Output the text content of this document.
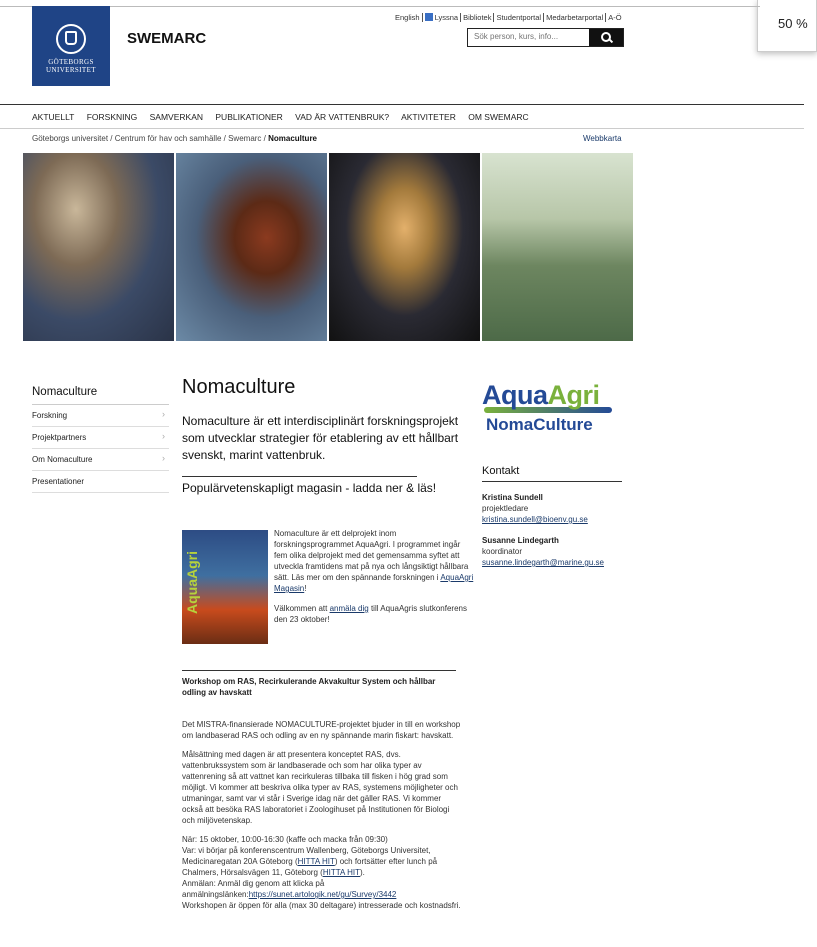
50 %
GÖTEBORGS
UNIVERSITET
SWEMARC
English Lyssna Bibliotek Studentportal Medarbetarportal A-Ö
Sök person, kurs, info...
AKTUELLT FORSKNING SAMVERKAN PUBLIKATIONER VAD ÄR VATTENBRUK? AKTIVITETER OM SWEMARC
Göteborgs universitet / Centrum för hav och samhälle / Swemarc / Nomaculture	Webbkarta
Nomaculture
Forskning	›
Projektpartners	›
Om Nomaculture	›
Presentationer
Nomaculture

Nomaculture är ett interdisciplinärt forskningsprojekt som utvecklar strategier för etablering av ett hållbart svenskt, marint vattenbruk.

Populärvetenskapligt magasin - ladda ner & läs!

AquaAgri

Nomaculture är ett delprojekt inom forskningsprogrammet AquaAgri. I programmet ingår fem olika delprojekt med det gemensamma syftet att utveckla framtidens mat på nya och långsiktigt hållbara sätt. Läs mer om den spännande forskningen i AquaAgri Magasin!

Välkommen att anmäla dig till AquaAgris slutkonferens den 23 oktober!

Workshop om RAS, Recirkulerande Akvakultur System och hållbar odling av havskatt

Det MISTRA-finansierade NOMACULTURE-projektet bjuder in till en workshop om landbaserad RAS och odling av en ny spännande marin fiskart: havskatt.

Målsättning med dagen är att presentera konceptet RAS, dvs. vattenbrukssystem som är landbaserade och som har olika typer av vattenrening så att vattnet kan recirkuleras tillbaka till fisken i hög grad som möjligt. Vi kommer att beskriva olika typer av RAS, systemens möjligheter och utmaningar, samt var vi står i Sverige idag när det gäller RAS. Vi kommer också att besöka RAS laboratoriet i Zoologihuset på Institutionen för Biologi och miljövetenskap.

När: 15 oktober, 10:00-16:30 (kaffe och macka från 09:30)
Var: vi börjar på konferenscentrum Wallenberg, Göteborgs Universitet, Medicinaregatan 20A Göteborg (HITTA HIT) och fortsätter efter lunch på Chalmers, Hörsalsvägen 11, Göteborg (HITTA HIT).
Anmälan: Anmäl dig genom att klicka på anmälningslänken:https://sunet.artologik.net/gu/Survey/3442
Workshopen är öppen för alla (max 30 deltagare) intresserade och kostnadsfri.

AquaAgri
NomaCulture
Kontakt
Kristina Sundell
projektledare
kristina.sundell@bioenv.gu.se
Susanne Lindegarth
koordinator
susanne.lindegarth@marine.gu.se
